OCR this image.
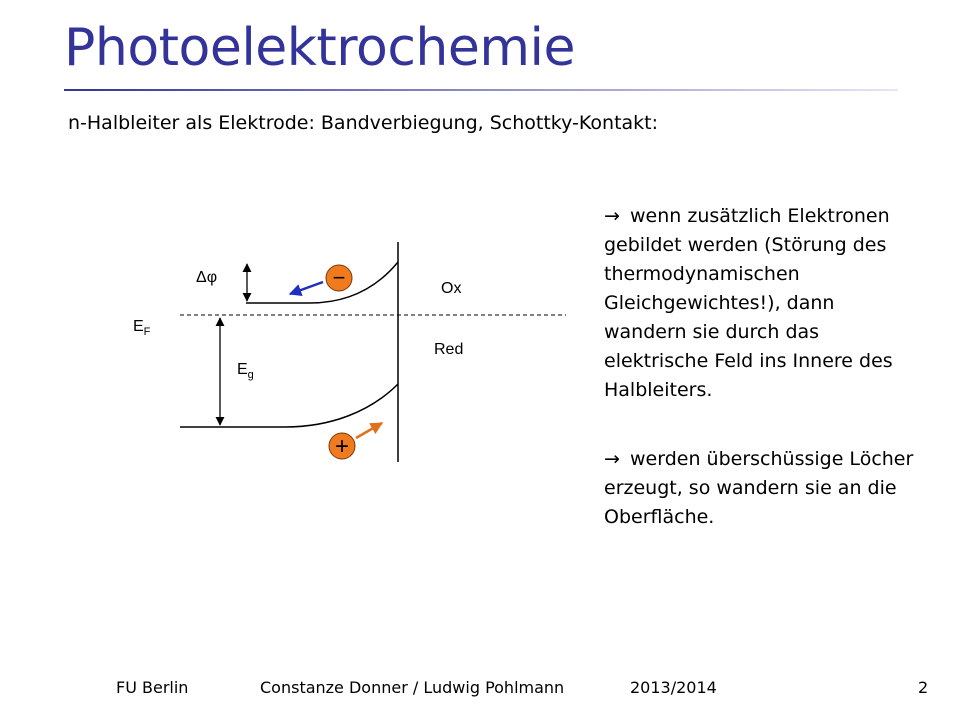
Photoelektrochemie
n-Halbleiter als Elektrode: Bandverbiegung, Schottky-Kontakt:
Δφ
$E_F$
$E_g$
Ox
Red
−
+
→ wenn zusätzlich Elektronen gebildet werden (Störung des thermodynamischen Gleichgewichtes!), dann wandern sie durch das elektrische Feld ins Innere des Halbleiters.
→ werden überschüssige Löcher erzeugt, so wandern sie an die Oberfläche.
FU Berlin	Constanze Donner / Ludwig Pohlmann	2013/2014	2
